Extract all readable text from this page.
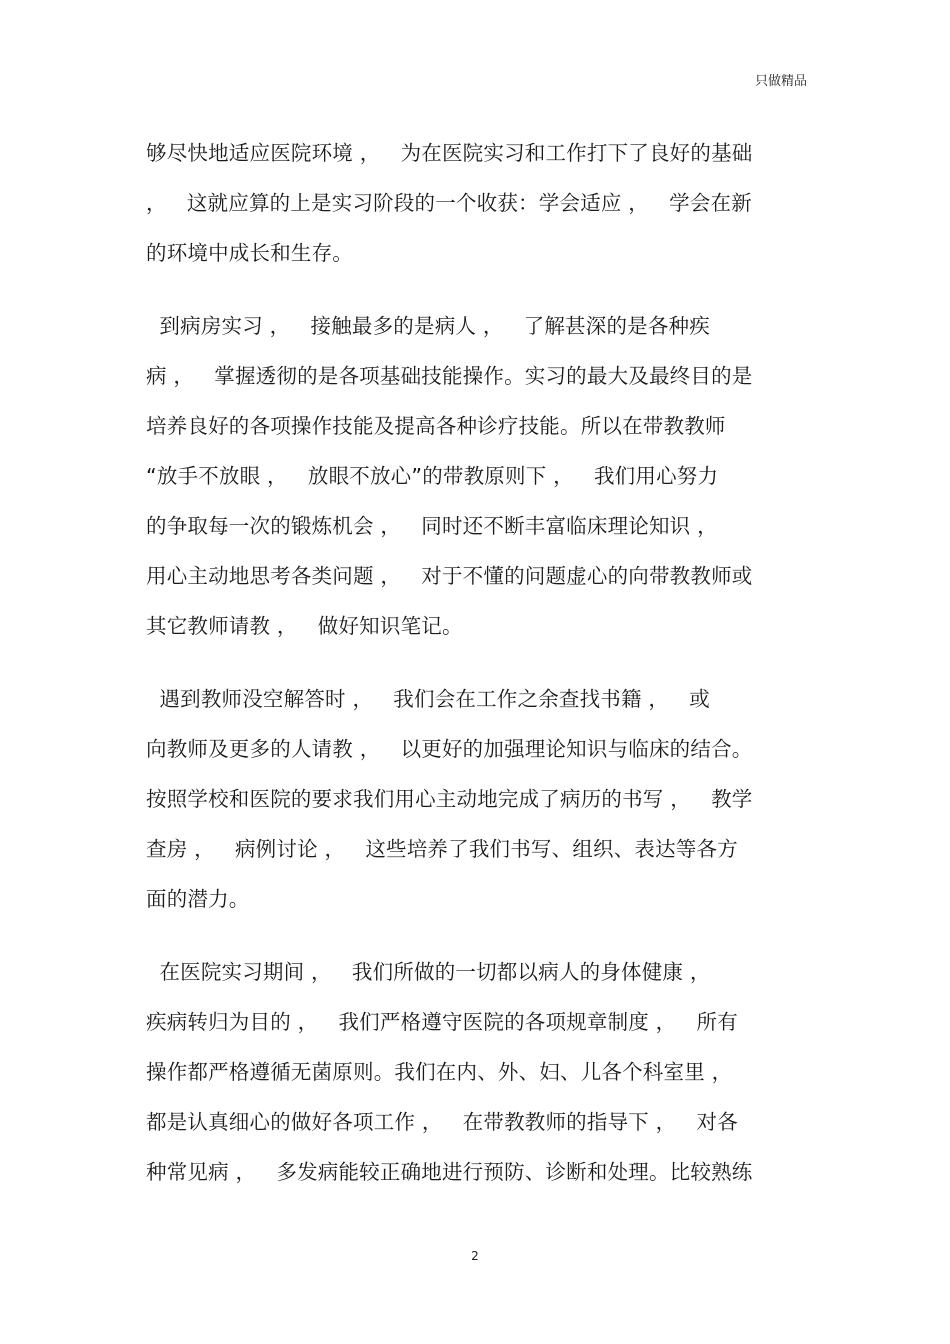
只做精品
够尽快地适应医院环境 ，   为在医院实习和工作打下了良好的基础
，   这就应算的上是实习阶段的一个收获：学会适应 ，   学会在新
的环境中成长和生存。
到病房实习 ，   接触最多的是病人 ，   了解甚深的是各种疾
病 ，   掌握透彻的是各项基础技能操作。实习的最大及最终目的是
培养良好的各项操作技能及提高各种诊疗技能。所以在带教教师
“放手不放眼 ，   放眼不放心”的带教原则下 ，   我们用心努力
的争取每一次的锻炼机会 ，   同时还不断丰富临床理论知识 ，
用心主动地思考各类问题 ，   对于不懂的问题虚心的向带教教师或
其它教师请教 ，   做好知识笔记。
遇到教师没空解答时 ，   我们会在工作之余查找书籍 ，   或
向教师及更多的人请教 ，   以更好的加强理论知识与临床的结合。
按照学校和医院的要求我们用心主动地完成了病历的书写 ，   教学
查房 ，   病例讨论 ，   这些培养了我们书写、组织、表达等各方
面的潜力。
在医院实习期间 ，   我们所做的一切都以病人的身体健康 ，
疾病转归为目的 ，   我们严格遵守医院的各项规章制度 ，   所有
操作都严格遵循无菌原则。我们在内、外、妇、儿各个科室里 ，
都是认真细心的做好各项工作 ，   在带教教师的指导下 ，   对各
种常见病 ，   多发病能较正确地进行预防、诊断和处理。比较熟练
2
